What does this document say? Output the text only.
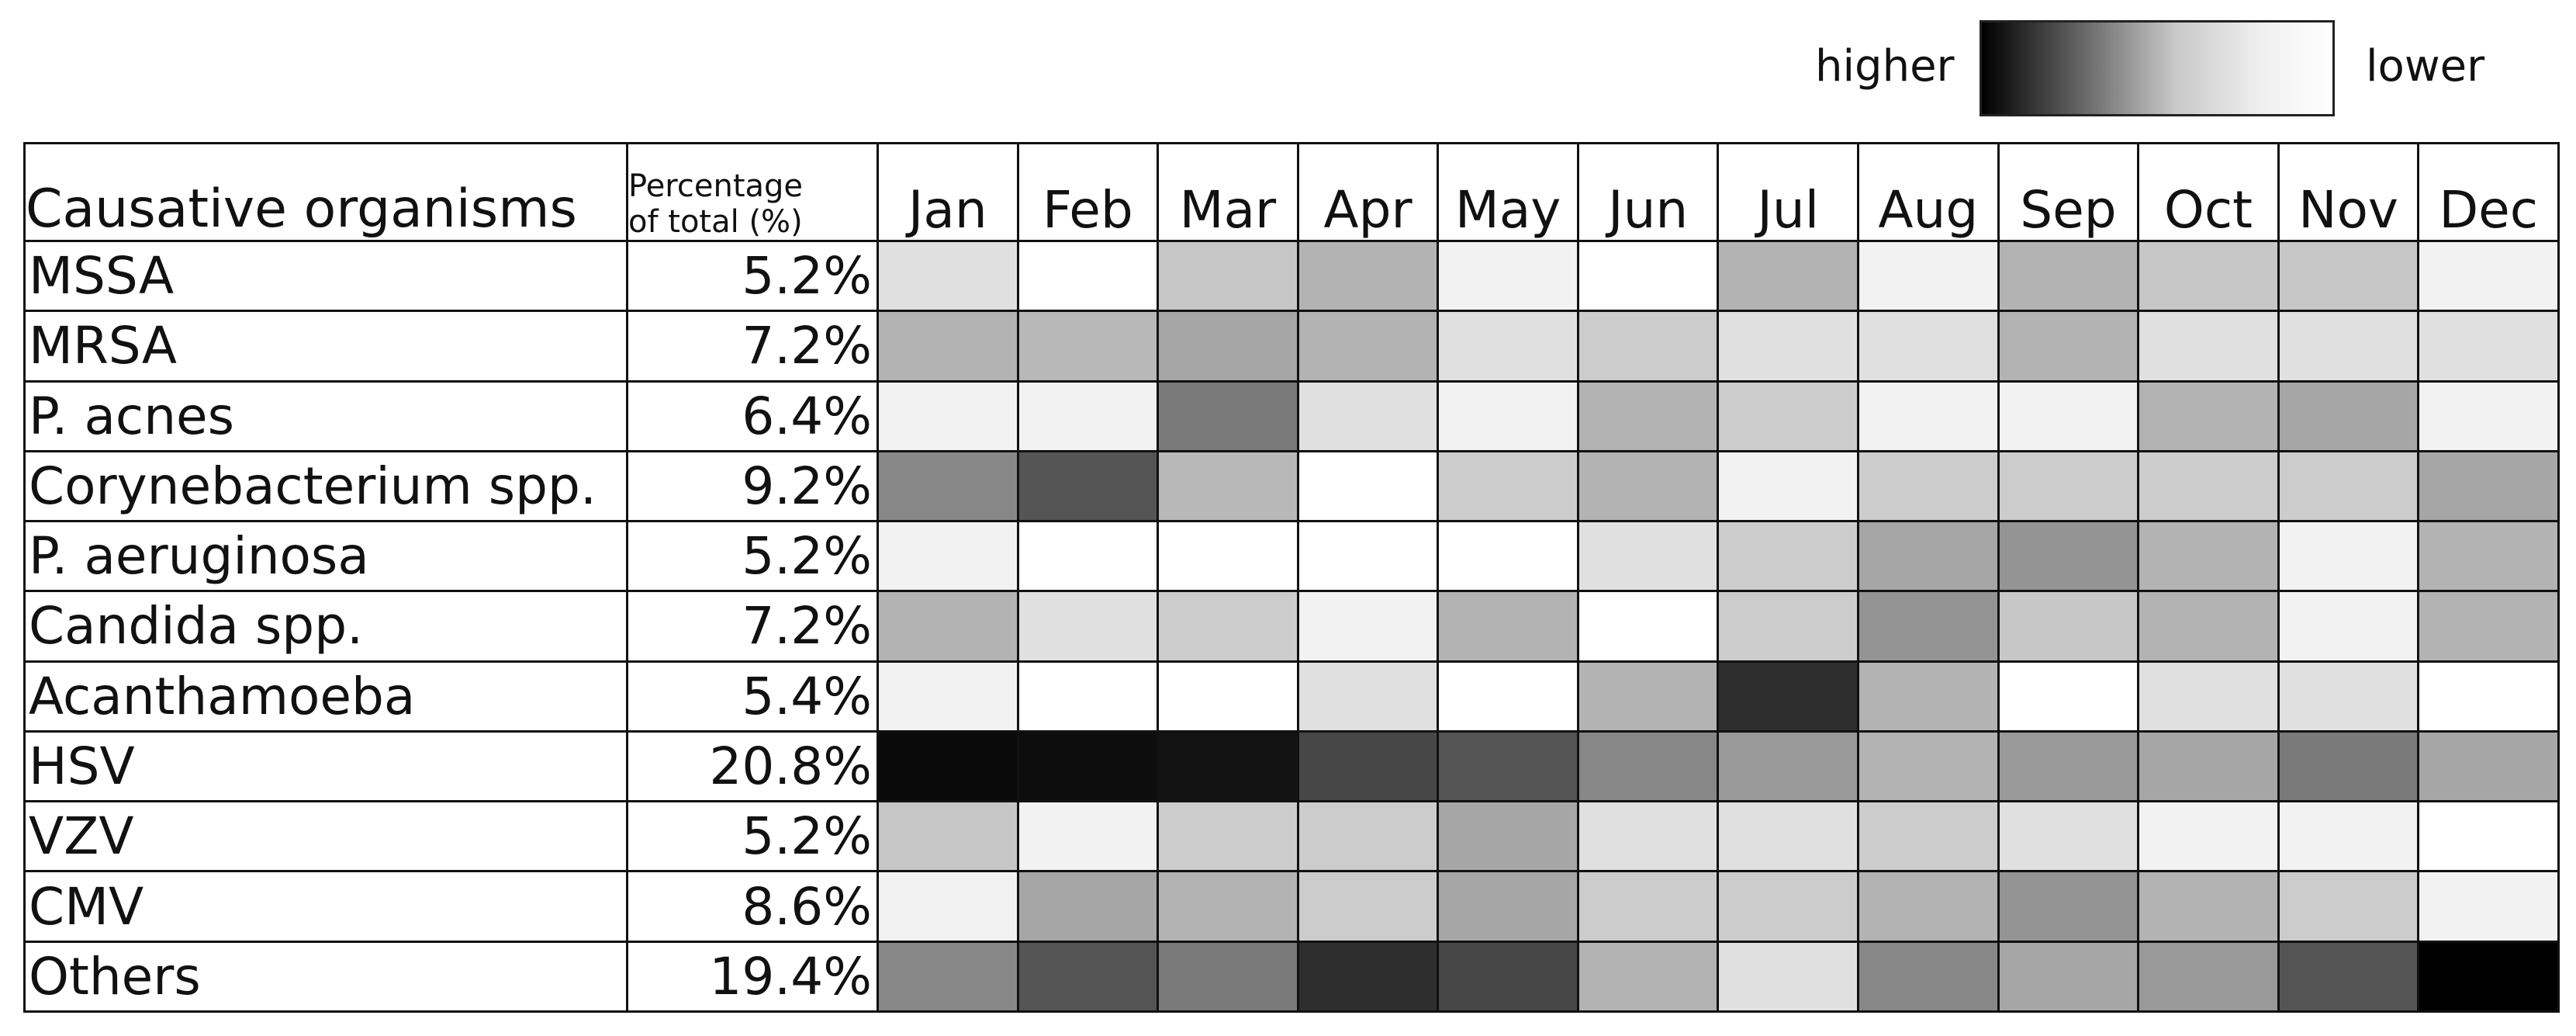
higher	lower
Causative organisms	Percentage
of total (%)	Jan	Feb	Mar	Apr	May	Jun	Jul	Aug	Sep	Oct	Nov	Dec
MSSA	5.2%												
MRSA	7.2%												
P. acnes	6.4%												
Corynebacterium spp.	9.2%												
P. aeruginosa	5.2%												
Candida spp.	7.2%												
Acanthamoeba	5.4%												
HSV	20.8%												
VZV	5.2%												
CMV	8.6%												
Others	19.4%												
